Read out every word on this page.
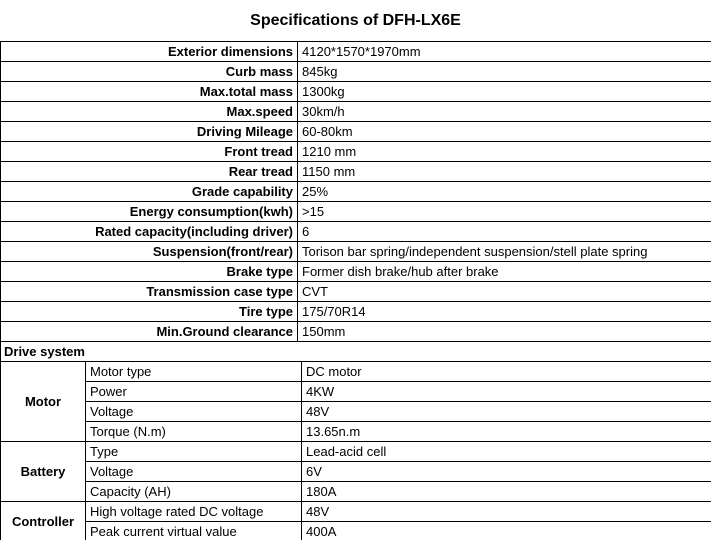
Specifications of DFH-LX6E
Exterior dimensions 4120*1570*1970mm
Curb mass 845kg
Max.total mass 1300kg
Max.speed 30km/h
Driving Mileage 60-80km
Front tread 1210 mm
Rear tread 1150 mm
Grade capability 25%
Energy consumption(kwh) >15
Rated capacity(including driver) 6
Suspension(front/rear) Torison bar spring/independent suspension/stell plate spring
Brake type Former dish brake/hub after brake
Transmission case type CVT
Tire type 175/70R14
Min.Ground clearance 150mm
Drive system
Motor
Motor type	DC motor
Power	4KW
Voltage	48V
Torque (N.m)	13.65n.m
Battery
Type	Lead-acid cell
Voltage	6V
Capacity (AH)	180A
Controller
High voltage rated DC voltage	48V
Peak current virtual value	400A
